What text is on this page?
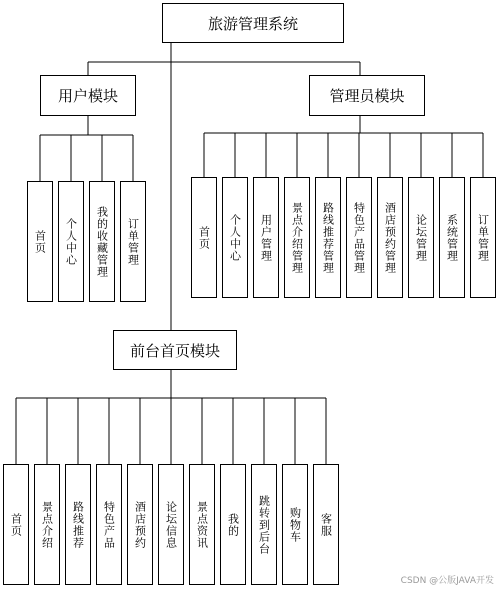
旅游管理系统
用户模块	管理员模块
前台首页模块
首页 个人中心 我的收藏管理 订单管理	首页 个人中心 用户管理 景点介绍管理 路线推荐管理 特色产品管理 酒店预约管理 论坛管理 系统管理 订单管理
首页 景点介绍 路线推荐 特色产品 酒店预约 论坛信息 景点资讯 我的 跳转到后台 购物车 客服
CSDN @公版JAVA开发
